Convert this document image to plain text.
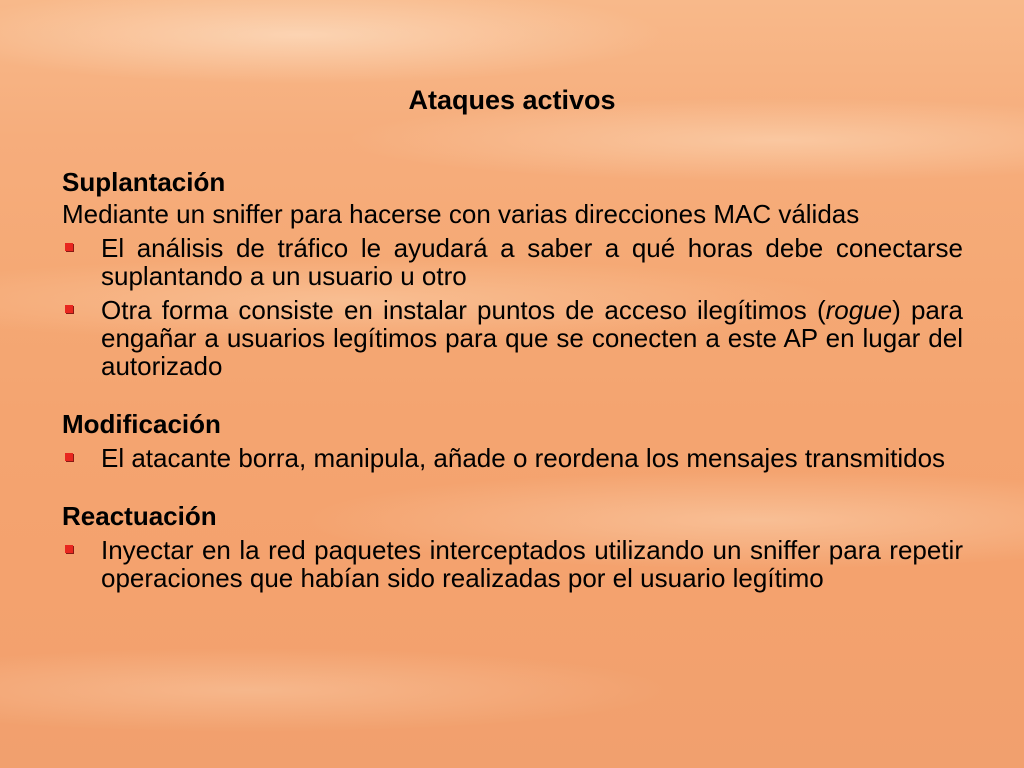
Ataques activos

Suplantación

Mediante un sniffer para hacerse con varias direcciones MAC válidas

El análisis de tráfico le ayudará a saber a qué horas debe conectarse suplantando a un usuario u otro
Otra forma consiste en instalar puntos de acceso ilegítimos (rogue) para engañar a usuarios legítimos para que se conecten a este AP en lugar del autorizado

Modificación

El atacante borra, manipula, añade o reordena los mensajes transmitidos

Reactuación

Inyectar en la red paquetes interceptados utilizando un sniffer para repetir operaciones que habían sido realizadas por el usuario legítimo
